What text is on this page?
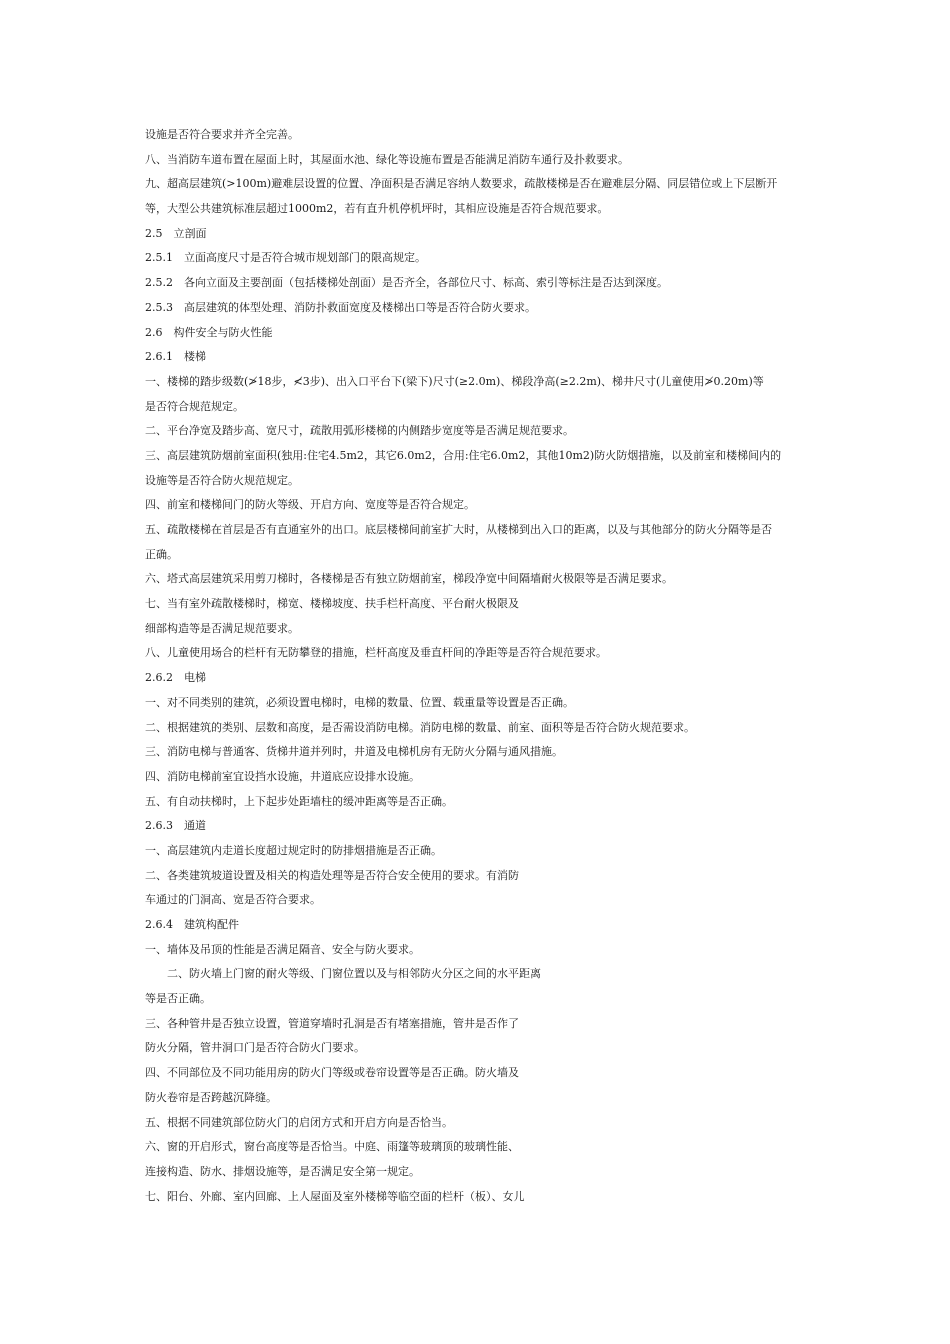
设施是否符合要求并齐全完善。
八、当消防车道布置在屋面上时，其屋面水池、绿化等设施布置是否能满足消防车通行及扑救要求。
九、超高层建筑(>100m)避难层设置的位置、净面积是否满足容纳人数要求，疏散楼梯是否在避难层分隔、同层错位或上下层断开
等，大型公共建筑标准层超过1000m2，若有直升机停机坪时，其相应设施是否符合规范要求。
2.5　立剖面
2.5.1　立面高度尺寸是否符合城市规划部门的限高规定。
2.5.2　各向立面及主要剖面（包括楼梯处剖面）是否齐全，各部位尺寸、标高、索引等标注是否达到深度。
2.5.3　高层建筑的体型处理、消防扑救面宽度及楼梯出口等是否符合防火要求。
2.6　构件安全与防火性能
2.6.1　楼梯
一、楼梯的踏步级数(≯18步，≮3步)、出入口平台下(梁下)尺寸(≥2.0m)、梯段净高(≥2.2m)、梯井尺寸(儿童使用≯0.20m)等
是否符合规范规定。
二、平台净宽及踏步高、宽尺寸，疏散用弧形楼梯的内侧踏步宽度等是否满足规范要求。
三、高层建筑防烟前室面积(独用:住宅4.5m2，其它6.0m2，合用:住宅6.0m2，其他10m2)防火防烟措施，以及前室和楼梯间内的
设施等是否符合防火规范规定。
四、前室和楼梯间门的防火等级、开启方向、宽度等是否符合规定。
五、疏散楼梯在首层是否有直通室外的出口。底层楼梯间前室扩大时，从楼梯到出入口的距离，以及与其他部分的防火分隔等是否
正确。
六、塔式高层建筑采用剪刀梯时，各楼梯是否有独立防烟前室，梯段净宽中间隔墙耐火极限等是否满足要求。
七、当有室外疏散楼梯时，梯宽、楼梯坡度、扶手栏杆高度、平台耐火极限及
细部构造等是否满足规范要求。
八、儿童使用场合的栏杆有无防攀登的措施，栏杆高度及垂直杆间的净距等是否符合规范要求。
2.6.2　电梯
一、对不同类别的建筑，必须设置电梯时，电梯的数量、位置、载重量等设置是否正确。
二、根据建筑的类别、层数和高度，是否需设消防电梯。消防电梯的数量、前室、面积等是否符合防火规范要求。
三、消防电梯与普通客、货梯井道并列时，井道及电梯机房有无防火分隔与通风措施。
四、消防电梯前室宜设挡水设施，井道底应设排水设施。
五、有自动扶梯时，上下起步处距墙柱的缓冲距离等是否正确。
2.6.3　通道
一、高层建筑内走道长度超过规定时的防排烟措施是否正确。
二、各类建筑坡道设置及相关的构造处理等是否符合安全使用的要求。有消防
车通过的门洞高、宽是否符合要求。
2.6.4　建筑构配件
一、墙体及吊顶的性能是否满足隔音、安全与防火要求。
二、防火墙上门窗的耐火等级、门窗位置以及与相邻防火分区之间的水平距离
等是否正确。
三、各种管井是否独立设置，管道穿墙时孔洞是否有堵塞措施，管井是否作了
防火分隔，管井洞口门是否符合防火门要求。
四、不同部位及不同功能用房的防火门等级或卷帘设置等是否正确。防火墙及
防火卷帘是否跨越沉降缝。
五、根据不同建筑部位防火门的启闭方式和开启方向是否恰当。
六、窗的开启形式，窗台高度等是否恰当。中庭、雨篷等玻璃顶的玻璃性能、
连接构造、防水、排烟设施等，是否满足安全第一规定。
七、阳台、外廊、室内回廊、上人屋面及室外楼梯等临空面的栏杆（板）、女儿
